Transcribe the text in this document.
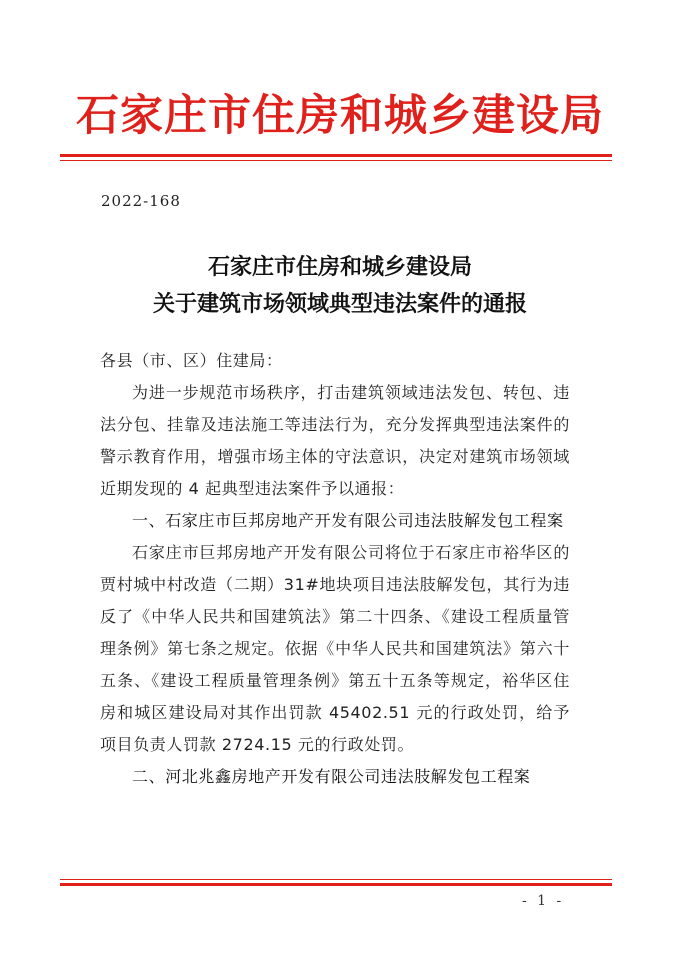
石家庄市住房和城乡建设局
2022-168
石家庄市住房和城乡建设局
关于建筑市场领域典型违法案件的通报

各县（市、区）住建局：

为进一步规范市场秩序，打击建筑领域违法发包、转包、违法分包、挂靠及违法施工等违法行为，充分发挥典型违法案件的警示教育作用，增强市场主体的守法意识，决定对建筑市场领域近期发现的 4 起典型违法案件予以通报：

一、石家庄市巨邦房地产开发有限公司违法肢解发包工程案

石家庄市巨邦房地产开发有限公司将位于石家庄市裕华区的贾村城中村改造（二期）31#地块项目违法肢解发包，其行为违反了《中华人民共和国建筑法》第二十四条、《建设工程质量管理条例》第七条之规定。依据《中华人民共和国建筑法》第六十五条、《建设工程质量管理条例》第五十五条等规定，裕华区住房和城区建设局对其作出罚款 45402.51 元的行政处罚，给予项目负责人罚款 2724.15 元的行政处罚。

二、河北兆鑫房地产开发有限公司违法肢解发包工程案

- 1 -
